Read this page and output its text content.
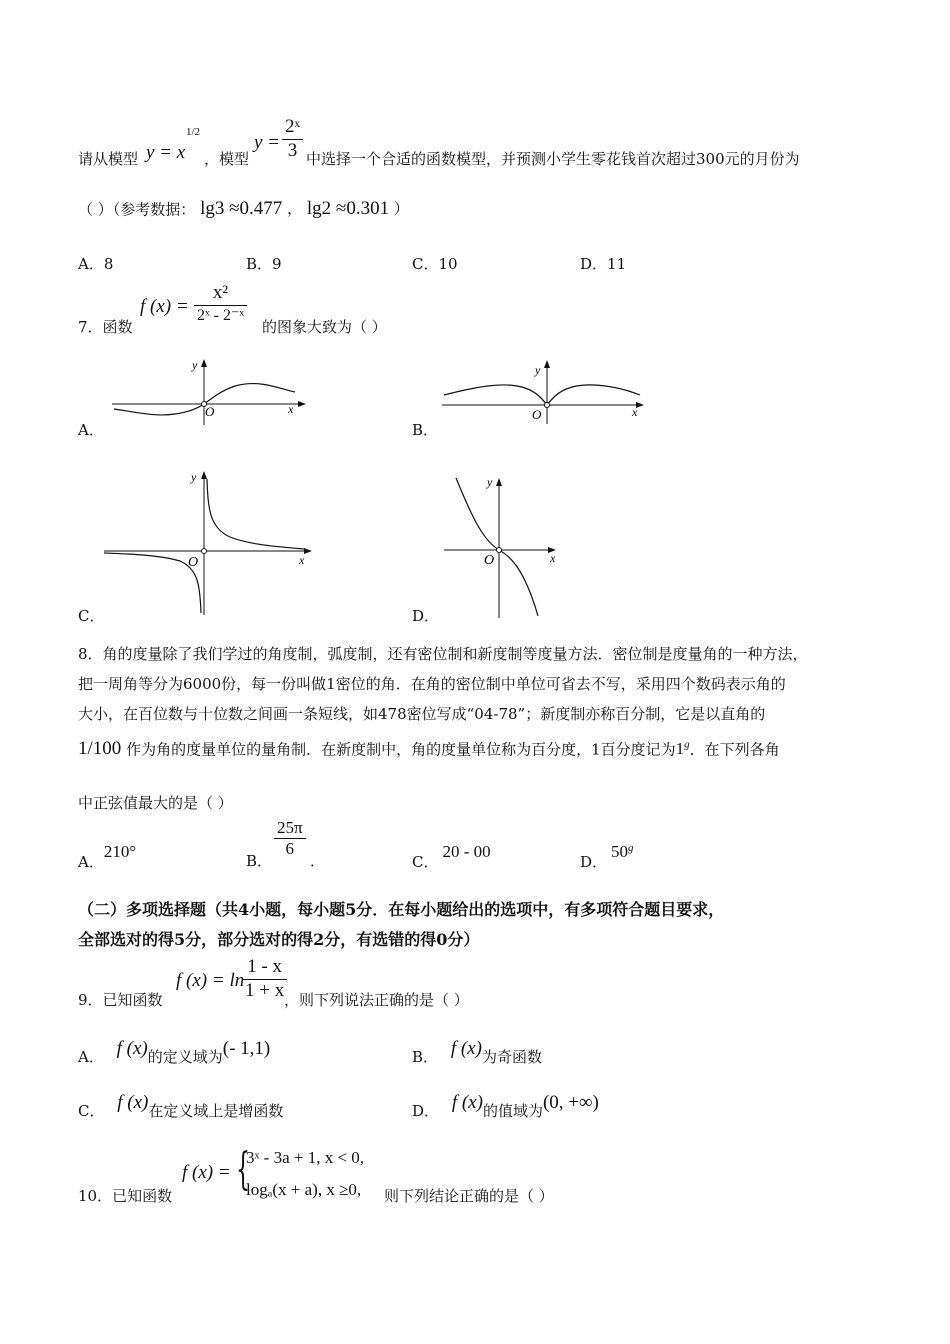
请从模型 y = x
1/2
，模型
$y = \frac{\text{2ˣ}}{3}$ 中选择一个合适的函数模型，并预测小学生零花钱首次超过300元的月份为
（ ）（参考数据： lg3 ≈0.477 ， lg2 ≈0.301 ）
A．8	B．9	C．10	D．11
7．函数
f (x) =
x²
2ˣ - 2⁻ˣ
的图象大致为（ ）
A．
y
x
O
B．
y
x
O
C．
y
x
O
D．
y
x
O
8．角的度量除了我们学过的角度制，弧度制，还有密位制和新度制等度量方法．密位制是度量角的一种方法，
把一周角等分为6000份，每一份叫做1密位的角．在角的密位制中单位可省去不写，采用四个数码表示角的
大小，在百位数与十位数之间画一条短线，如478密位写成“04-78”；新度制亦称百分制，它是以直角的
1/100 作为角的度量单位的量角制．在新度制中，角的度量单位称为百分度，1百分度记为1$^g$．在下列各角
中正弦值最大的是（ ）
A．210°	B．
$\frac{25\pi}{6}$
．	C．20 - 00
D．50$^g$
（二）多项选择题（共4小题，每小题5分．在每小题给出的选项中，有多项符合题目要求，
全部选对的得5分，部分选对的得2分，有选错的得0分）
9．已知函数
f (x) = ln
$\frac{1 - x}{1 + x}$
，则下列说法正确的是（ ）
A． f (x)的定义域为(- 1,1)	B． f (x)为奇函数
C． f (x)在定义域上是增函数	D． f (x)的值域为(0, +∞)
10．已知函数
f (x) = {
3ˣ - 3a + 1, x < 0,
logₐ(x + a), x ≥0, 则下列结论正确的是（ ）
